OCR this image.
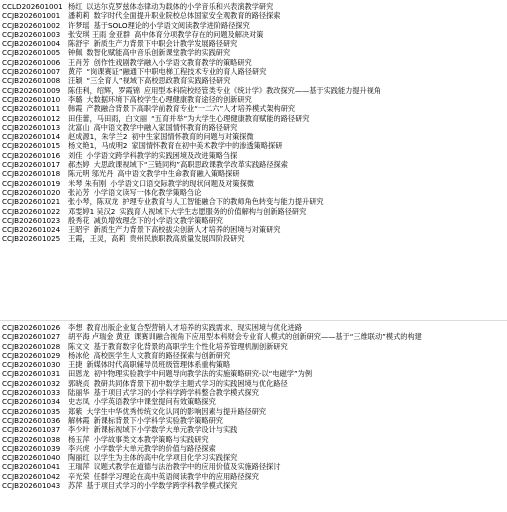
CCLD202601001 杨红 以达尔克罗兹体态律动为载体的小学音乐和兴表演教学研究
CCJB202601001	潘莉莉 数字时代全面提升职业院校总体国家安全观教育的路径探索
CCJB202601002	许梦瑶 基于SOLO理论的小学语文阅读教学进阶路径探究
CCJB202601003	张安琪 王雨 金亚群 高中体育分项教学存在的问题及解决对策
CCJB202601004	陈舒宇 新质生产力背景下中职会计教学发展路径研究
CCJB202601005	钟佩 数智化赋能高中音乐创新课堂教学的实践研究
CCJB202601006	王肖芳 创作性戏剧教学融入小学语文教育教学的策略研究
CCJB202601007	黄芹 “岗课赛证”融通下中职电梯工程技术专业的育人路径研究
CCJB202601008	汪颖 “三全育人”视域下高校思政教育实践路径研究
CCJB202601009	陈佳利，绍辉，罗霞锦 应用型本科院校经管类专业《统计学》教改探究——基于实践能力提升视角
CCJB202601010	李璐 大数据环境下高校学生心理健康教育途径的创新研究
CCJB202601011	韩霞 产教融合背景下高职学前教育专业“一二六”人才培养模式架构研究
CCJB202601012	田佳蕾，马田雨，白文丽 “五育并举”为大学生心理健康教育赋能的路径研究
CCJB202601013	沈富山 高中语文教学中融入家国情怀教育的路径研究
CCJB202601014	赵成源1，朱学兰2 初中生家国情怀教育的问题与对策探微
CCJB202601015	杨文艳1，马成明2 家国情怀教育在初中美术教学中的渗透策略探研
CCJB202601016	刘佳 小学语文跨学科教学的实践困境及改进策略刍探
CCJB202601017	郝杰婷 大思政课视域下“三链同构”高职思政课教学改革实践路径探索
CCJB202601018	陈元明 邬光丹 高中语文教学中生命教育融入策略探研
CCJB202601019	米琴 朱有刚 小学语文口语交际教学的现状问题及对策探微
CCJB202601020	张沁芳 小学语文读写一体化教学策略刍论
CCJB202601021	张小琴，陈双龙 护理专业教育与人工智能融合下的教师角色转变与能力提升研究
CCJB202601022	邓雯婷1 吴汉2 实践育人视域下大学生志愿服务的价值解构与创新路径研究
CCJB202601023	殷秀花 减负增效理念下的小学语文教学策略研究
CCJB202601024	王昭宇 新质生产力背景下高校拔尖创新人才培养的困境与对策研究
CCJB202601025	王霞，王灵，高莉 贵州民族职教高质量发展四阶段研究
CCJB202601026	李想 教育出版企业复合型营销人才培养的实践需求、现实困境与优化进路
CCJB202601027	胡平海 卢瑞金 黄亚 课赛训融合视角下应用型本科财会专业育人模式的创新研究——基于“三维联动”模式的构建
CCJB202601028	陈文文 基于教育数字化背景的高职学生个性化培养管理机制创新研究
CCJB202601029	杨冰伦 高校医学生人文教育的路径探索与创新研究
CCJB202601030	王捷 新媒体时代高职辅导员班级管理体系重构策略
CCJB202601031	田恩龙 初中物理实验教学中问题导向教学法的实施策略研究-以“电磁学”为例
CCJB202601032	郭晓贞 教研共同体背景下初中数学主题式学习的实践困境与优化路径
CCJB202601033	陆丽华 基于项目式学习的小学科学跨学科整合教学模式探究
CCJB202601034	史志凤 小学英语教学中课堂提问有效策略探究
CCJB202601035	郑紫 大学生中华优秀传统文化认同的影响因素与提升路径研究
CCJB202601036	解林霞 新课标背景下小学科学实验教学策略研究
CCJB202601037	李少叶 新课标视域下小学数学大单元教学设计与实践
CCJB202601038	杨玉萍 小学故事类文本教学策略与实践研究
CCJB202601039	李兴虎 小学数学大单元教学的价值与路径探索
CCJB202601040	陶丽红 以学生为主体的高中化学项目化学习实践探究
CCJB202601041	王瑞萍 议题式教学在道德与法治教学中的应用价值及实施路径探讨
CCJB202601042	辛光荣 任群学习理论在高中英语阅读教学中的应用路径探究
CCJB202601043	苏萍 基于项目式学习的小学数学跨学科教学模式探究
